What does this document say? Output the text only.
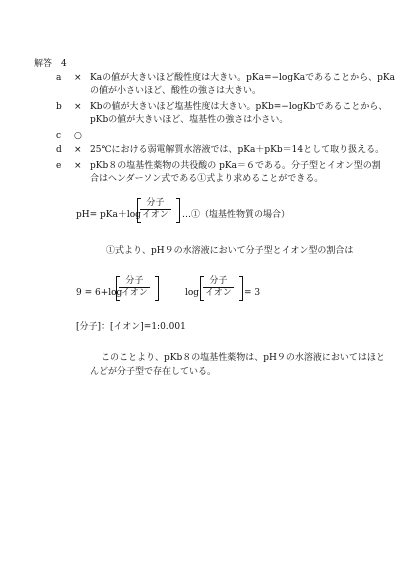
解答　4
a × Kaの値が大きいほど酸性度は大きい。pKa=−logKaであることから、pKa
の値が小さいほど、酸性の強さは大きい。
b × Kbの値が大きいほど塩基性度は大きい。pKb=−logKbであることから、
pKbの値が大きいほど、塩基性の強さは小さい。
c ○
d × 25℃における弱電解質水溶液では、pKa＋pKb＝14として取り扱える。
e × pKb８の塩基性薬物の共役酸の pKa＝６である。分子型とイオン型の割
合はヘンダーソン式である①式より求めることができる。
pH= pKa＋log
分子
イオン …①（塩基性物質の場合）
①式より、pH９の水溶液において分子型とイオン型の割合は
9 = 6+log
分子
イオン	log
分子
イオン = 3
[分子]：[イオン]=1:0.001
このことより、pKb８の塩基性薬物は、pH９の水溶液においてはほと
んどが分子型で存在している。
